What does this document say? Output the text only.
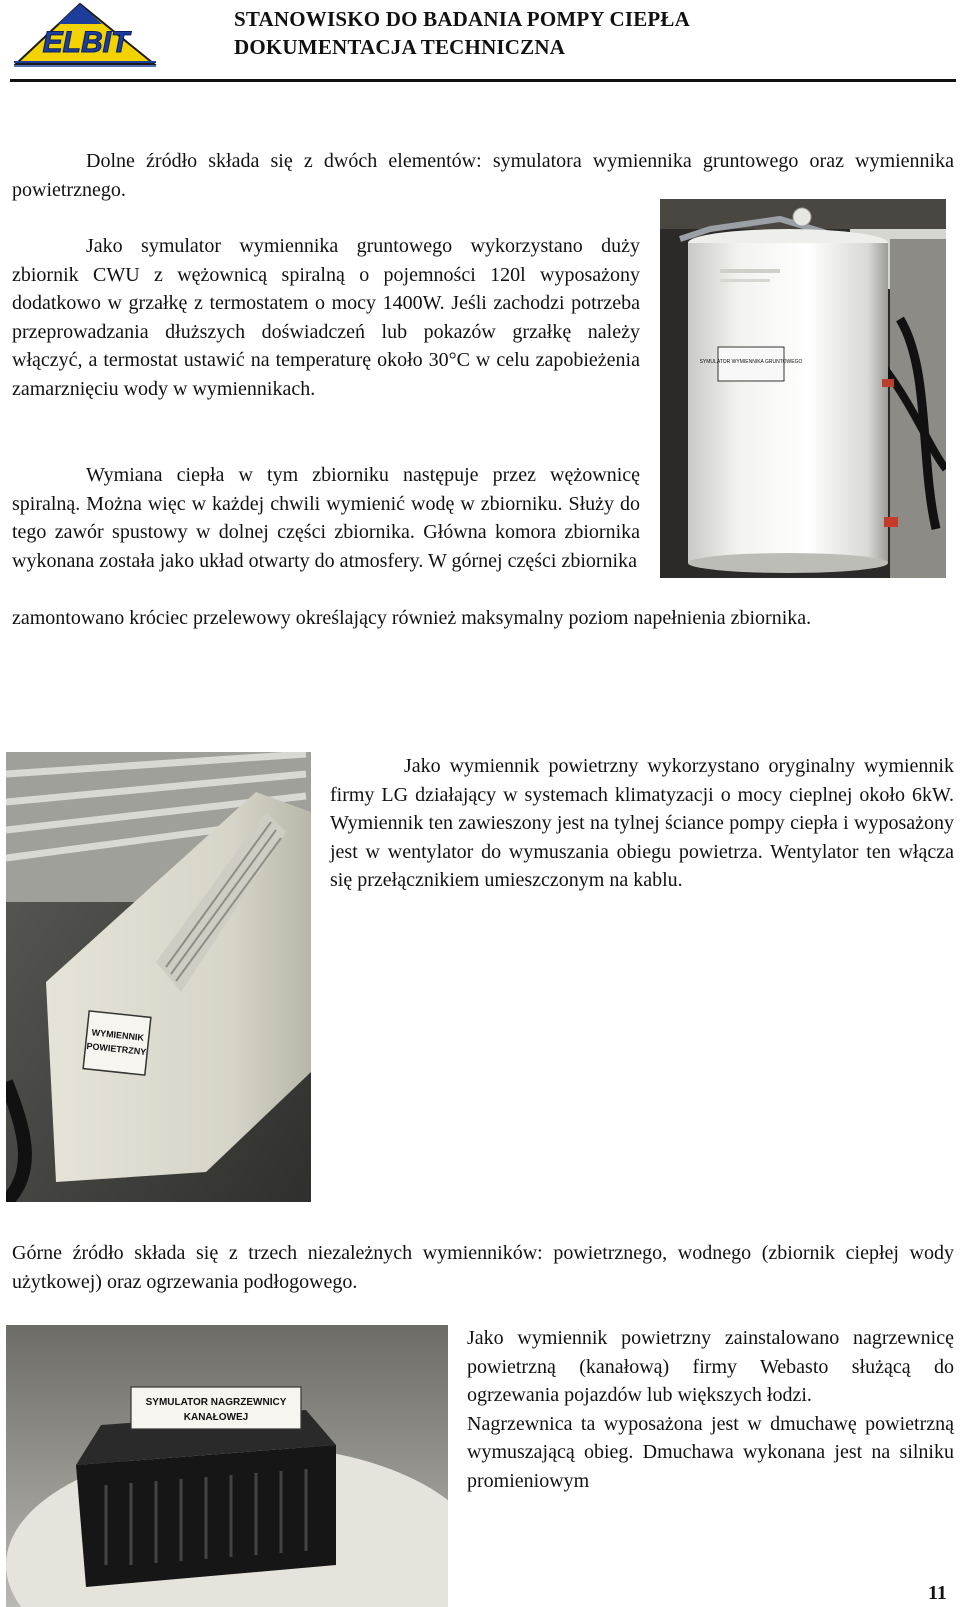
ELBIT
STANOWISKO DO BADANIA POMPY CIEPŁA
DOKUMENTACJA TECHNICZNA

Dolne źródło składa się z dwóch elementów: symulatora wymiennika gruntowego oraz wymiennika powietrznego.

Jako symulator wymiennika gruntowego wykorzystano duży zbiornik CWU z wężownicą spiralną o pojemności 120l wyposażony dodatkowo w grzałkę z termostatem o mocy 1400W. Jeśli zachodzi potrzeba przeprowadzania dłuższych doświadczeń lub pokazów grzałkę należy włączyć, a termostat ustawić na temperaturę około 30°C w celu zapobieżenia zamarznięciu wody w wymiennikach.

SYMULATOR WYMIENNIKA GRUNTOWEGO

Wymiana ciepła w tym zbiorniku następuje przez wężownicę spiralną. Można więc w każdej chwili wymienić wodę w zbiorniku. Służy do tego zawór spustowy w dolnej części zbiornika. Główna komora zbiornika wykonana została jako układ otwarty do atmosfery. W górnej części zbiornika

zamontowano króciec przelewowy określający również maksymalny poziom napełnienia zbiornika.

WYMIENNIK
POWIETRZNY

Jako wymiennik powietrzny wykorzystano oryginalny wymiennik firmy LG działający w systemach klimatyzacji o mocy cieplnej około 6kW. Wymiennik ten zawieszony jest na tylnej ściance pompy ciepła i wyposażony jest w wentylator do wymuszania obiegu powietrza. Wentylator ten włącza się przełącznikiem umieszczonym na kablu.

Górne źródło składa się z trzech niezależnych wymienników: powietrznego, wodnego (zbiornik ciepłej wody użytkowej) oraz ogrzewania podłogowego.

SYMULATOR NAGRZEWNICY
KANAŁOWEJ

Jako wymiennik powietrzny zainstalowano nagrzewnicę powietrzną (kanałową) firmy Webasto służącą do ogrzewania pojazdów lub większych łodzi.

Nagrzewnica ta wyposażona jest w dmuchawę powietrzną wymuszającą obieg. Dmuchawa wykonana jest na silniku promieniowym

11
